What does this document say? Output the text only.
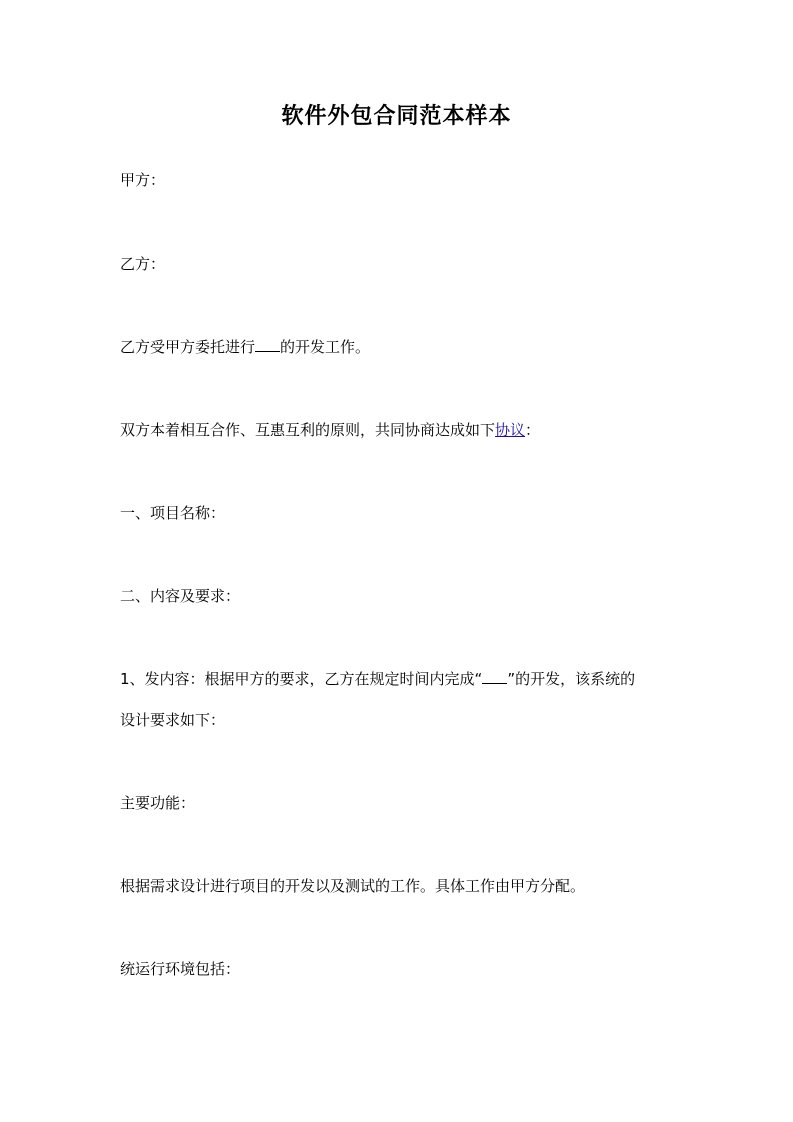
软件外包合同范本样本

甲方：

乙方：

乙方受甲方委托进行 的开发工作。

双方本着相互合作、互惠互利的原则，共同协商达成如下协议：

一、项目名称：

二、内容及要求：

1、发内容：根据甲方的要求，乙方在规定时间内完成“ ”的开发，该系统的

设计要求如下：

主要功能：

根据需求设计进行项目的开发以及测试的工作。具体工作由甲方分配。

统运行环境包括：
